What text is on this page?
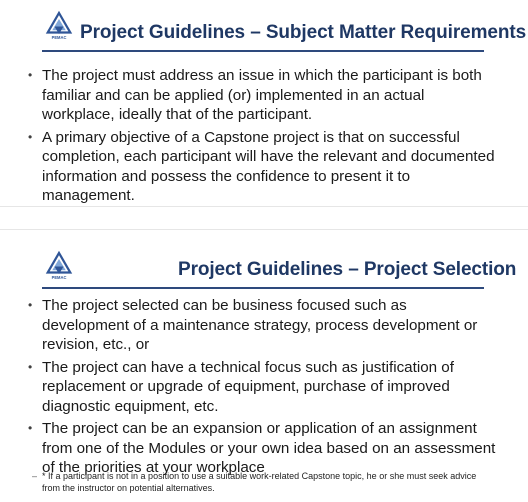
PEMAC Project Guidelines – Subject Matter Requirements
• The project must address an issue in which the participant is both familiar and can be applied (or) implemented in an actual workplace, ideally that of the participant.
• A primary objective of a Capstone project is that on successful completion, each participant will have the relevant and documented information and possess the confidence to present it to management.
PEMAC	Project Guidelines – Project Selection
• The project selected can be business focused such as development of a maintenance strategy, process development or revision, etc., or
• The project can have a technical focus such as justification of replacement or upgrade of equipment, purchase of improved diagnostic equipment, etc.
• The project can be an expansion or application of an assignment from one of the Modules or your own idea based on an assessment of the priorities at your workplace
– * If a participant is not in a position to use a suitable work-related Capstone topic, he or she must seek advice from the instructor on potential alternatives.
